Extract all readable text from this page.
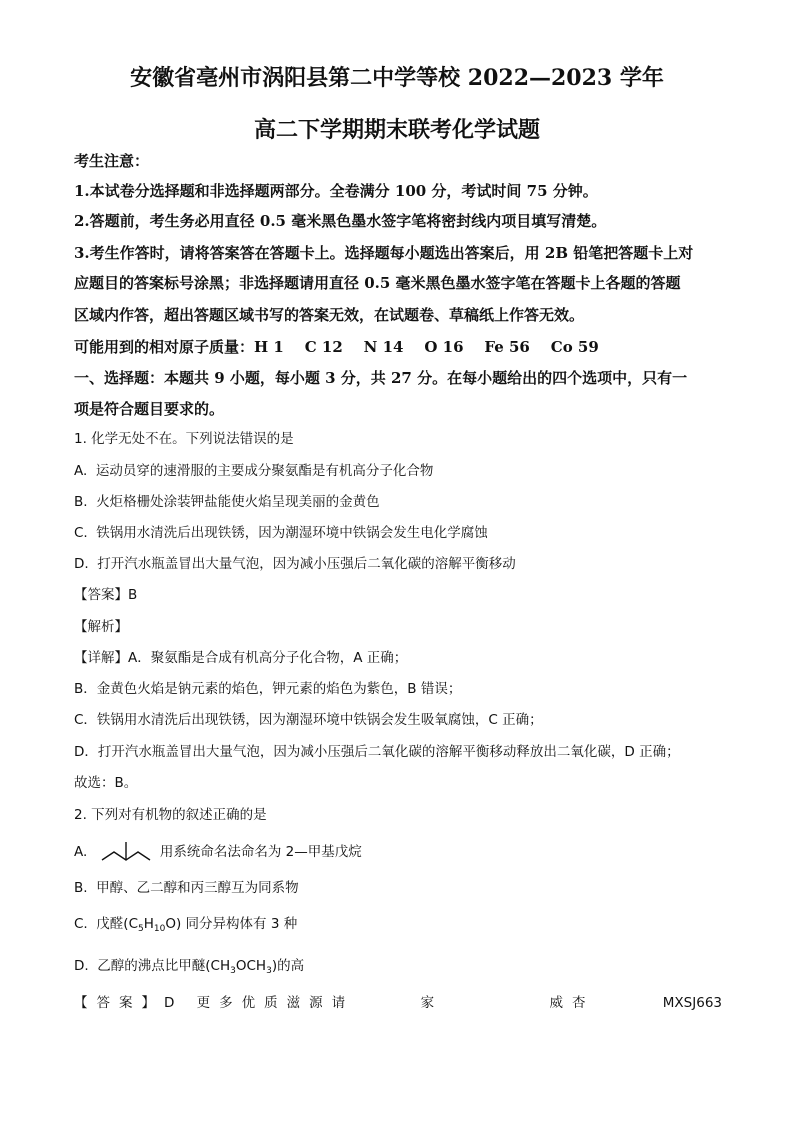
安徽省亳州市涡阳县第二中学等校 2022—2023 学年
高二下学期期末联考化学试题
考生注意：
1.本试卷分选择题和非选择题两部分。全卷满分 100 分，考试时间 75 分钟。
2.答题前，考生务必用直径 0.5 毫米黑色墨水签字笔将密封线内项目填写清楚。
3.考生作答时，请将答案答在答题卡上。选择题每小题选出答案后，用 2B 铅笔把答题卡上对
应题目的答案标号涂黑；非选择题请用直径 0.5 毫米黑色墨水签字笔在答题卡上各题的答题
区域内作答，超出答题区域书写的答案无效，在试题卷、草稿纸上作答无效。
可能用到的相对原子质量：H 1    C 12    N 14    O 16    Fe 56    Co 59
一、选择题：本题共 9 小题，每小题 3 分，共 27 分。在每小题给出的四个选项中，只有一
项是符合题目要求的。
1. 化学无处不在。下列说法错误的是
A.  运动员穿的速滑服的主要成分聚氨酯是有机高分子化合物
B.  火炬格栅处涂装钾盐能使火焰呈现美丽的金黄色
C.  铁锅用水清洗后出现铁锈，因为潮湿环境中铁锅会发生电化学腐蚀
D.  打开汽水瓶盖冒出大量气泡，因为减小压强后二氧化碳的溶解平衡移动
【答案】B
【解析】
【详解】A．聚氨酯是合成有机高分子化合物，A 正确；
B．金黄色火焰是钠元素的焰色，钾元素的焰色为紫色，B 错误；
C．铁锅用水清洗后出现铁锈，因为潮湿环境中铁锅会发生吸氧腐蚀，C 正确；
D．打开汽水瓶盖冒出大量气泡，因为减小压强后二氧化碳的溶解平衡移动释放出二氧化碳，D 正确；
故选：B。
2. 下列对有机物的叙述正确的是
A.	用系统命名法命名为 2—甲基戊烷
B.  甲醇、乙二醇和丙三醇互为同系物
C.  戊醛$(C_5H_{10}O)$ 同分异构体有 3 种
D.  乙醇的沸点比甲醚$(CH_3OCH_3)$的高
【答案】D 更多优质滋源请     家        威杏	MXSJ663
